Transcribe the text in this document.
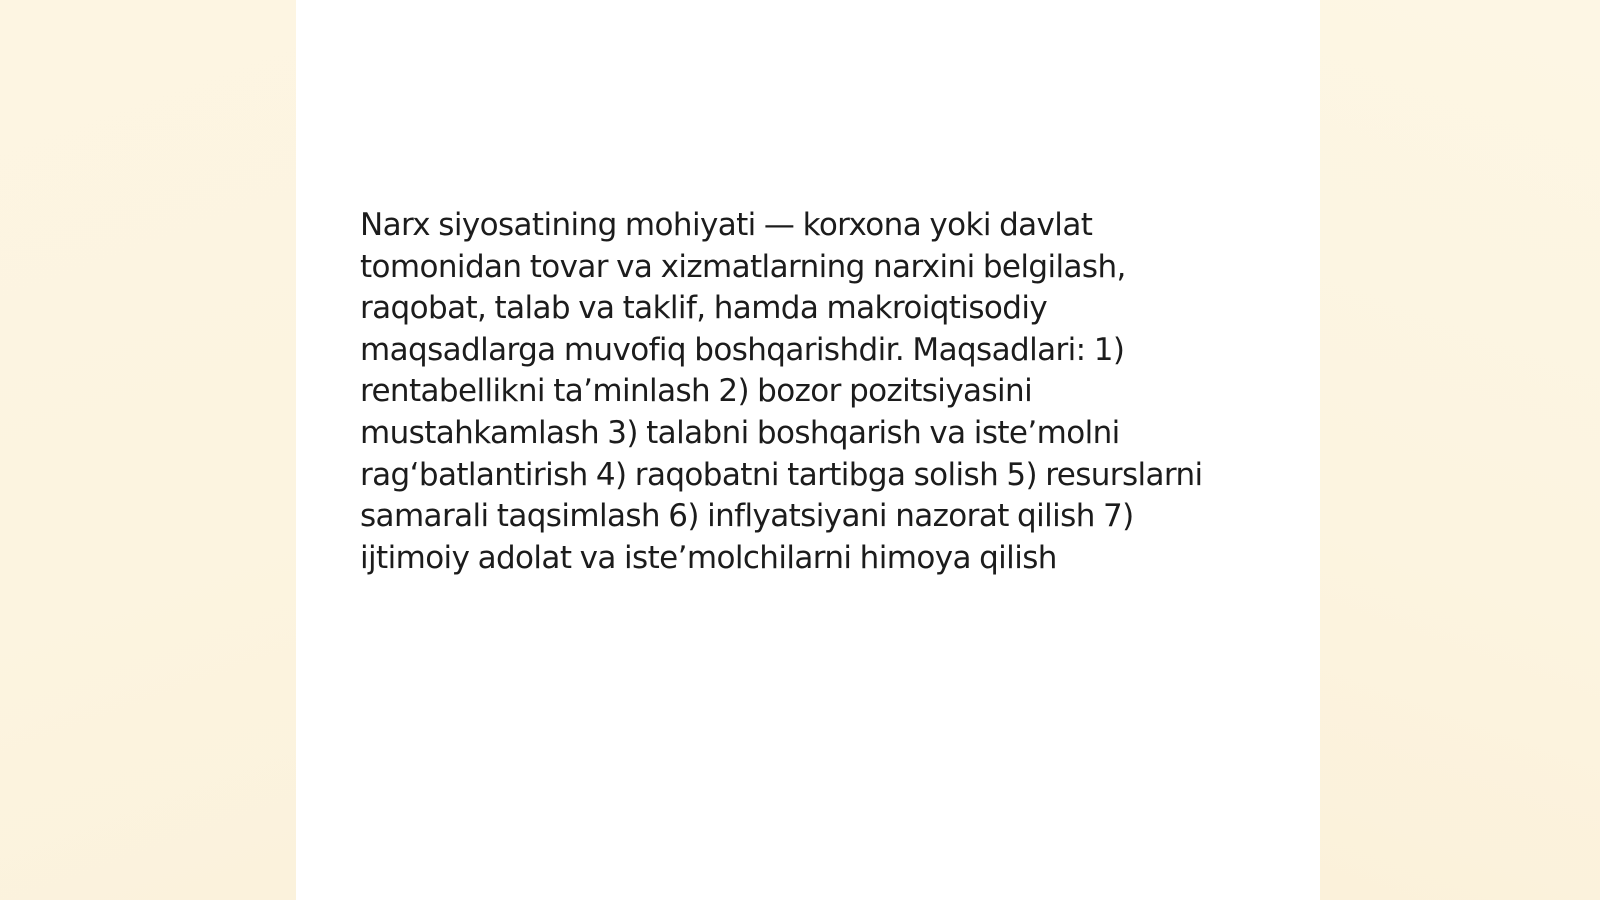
Narx siyosatining mohiyati — korxona yoki davlat tomonidan tovar va xizmatlarning narxini belgilash, raqobat, talab va taklif, hamda makroiqtisodiy maqsadlarga muvofiq boshqarishdir. Maqsadlari: 1) rentabellikni ta’minlash 2) bozor pozitsiyasini mustahkamlash 3) talabni boshqarish va iste’molni rag‘batlantirish 4) raqobatni tartibga solish 5) resurslarni samarali taqsimlash 6) inflyatsiyani nazorat qilish 7) ijtimoiy adolat va iste’molchilarni himoya qilish
